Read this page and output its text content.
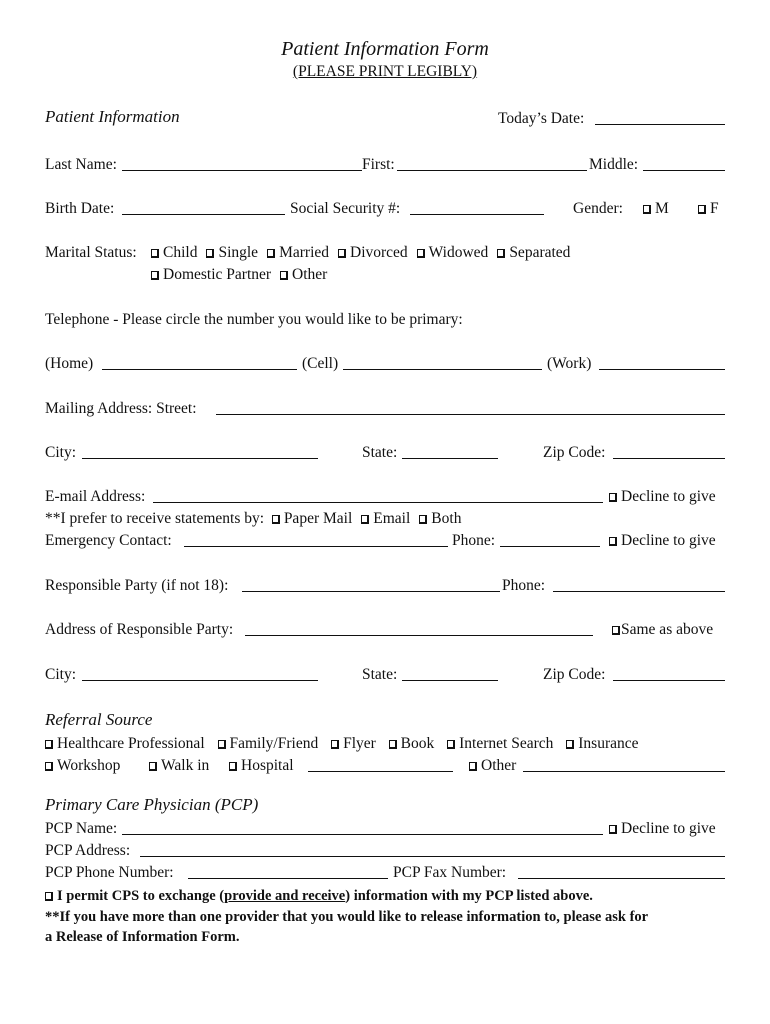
Patient Information Form
(PLEASE PRINT LEGIBLY)
Patient Information	Today’s Date:
Last Name:	First:	Middle:
Birth Date:	Social Security #:	Gender:	M	F
Marital Status:	Child Single Married Divorced Widowed Separated
Domestic Partner Other
Telephone - Please circle the number you would like to be primary:
(Home)	(Cell)	(Work)
Mailing Address: Street:
City:	State:	Zip Code:
E-mail Address:	Decline to give
**I prefer to receive statements by: Paper Mail Email Both
Emergency Contact:	Phone:	Decline to give
Responsible Party (if not 18):	Phone:
Address of Responsible Party:	Same as above
City:	State:	Zip Code:
Referral Source
Healthcare Professional Family/Friend Flyer Book Internet Search Insurance
Workshop	Walk in	Hospital	Other
Primary Care Physician (PCP)
PCP Name:	Decline to give
PCP Address:
PCP Phone Number:	PCP Fax Number:
I permit CPS to exchange (provide and receive) information with my PCP listed above.
**If you have more than one provider that you would like to release information to, please ask for
a Release of Information Form.
